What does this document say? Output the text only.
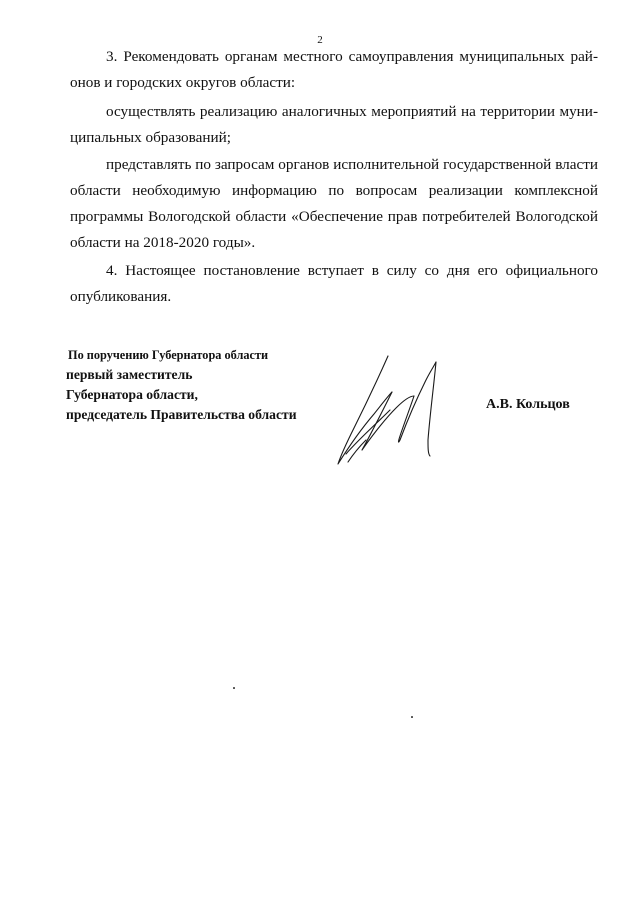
2

3. Рекомендовать органам местного самоуправления муниципальных районов и городских округов области:

осуществлять реализацию аналогичных мероприятий на территории муниципальных образований;

представлять по запросам органов исполнительной государственной власти области необходимую информацию по вопросам реализации комплексной программы Вологодской области «Обеспечение прав потребителей Вологодской области на 2018-2020 годы».

4. Настоящее постановление вступает в силу со дня его официального опубликования.

По поручению Губернатора области
первый заместитель
Губернатора области,
председатель Правительства области
А.В. Кольцов
